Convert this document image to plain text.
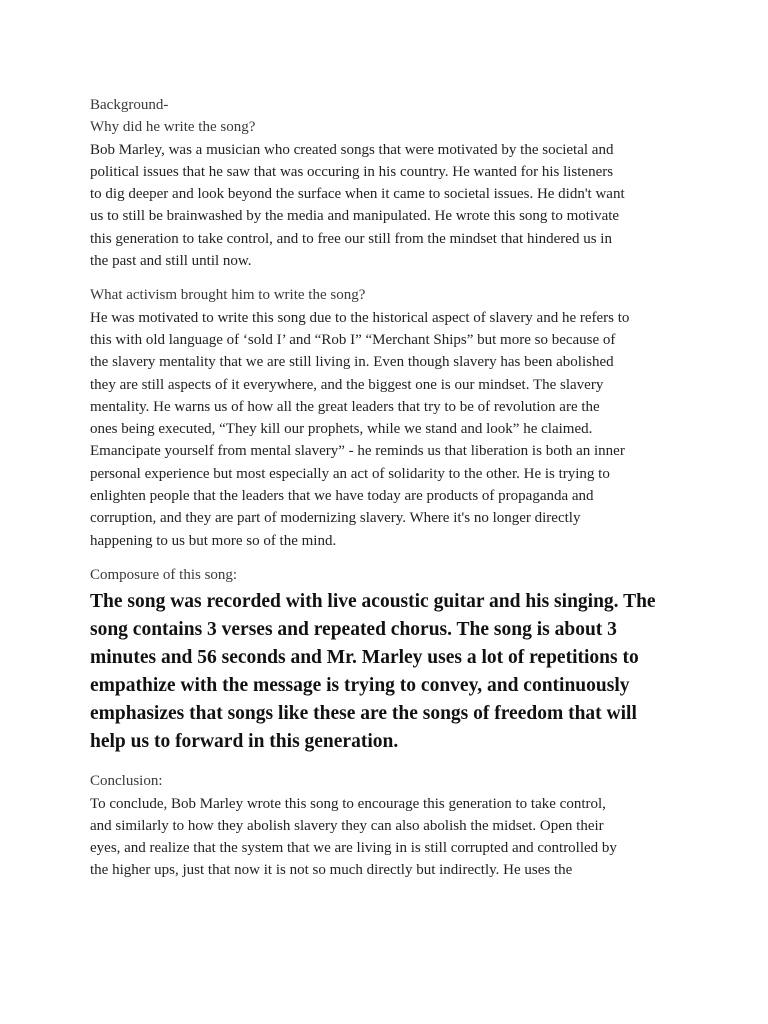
Background-
Why did he write the song?
Bob Marley, was a musician who created songs that were motivated by the societal and
political issues that he saw that was occuring in his country. He wanted for his listeners
to dig deeper and look beyond the surface when it came to societal issues. He didn't want
us to still be brainwashed by the media and manipulated. He wrote this song to motivate
this generation to take control, and to free our still from the mindset that hindered us in
the past and still until now.
What activism brought him to write the song?
He was motivated to write this song due to the historical aspect of slavery and he refers to
this with old language of ‘sold I’ and “Rob I” “Merchant Ships” but more so because of
the slavery mentality that we are still living in. Even though slavery has been abolished
they are still aspects of it everywhere, and the biggest one is our mindset. The slavery
mentality. He warns us of how all the great leaders that try to be of revolution are the
ones being executed, “They kill our prophets, while we stand and look” he claimed.
Emancipate yourself from mental slavery” - he reminds us that liberation is both an inner
personal experience but most especially an act of solidarity to the other. He is trying to
enlighten people that the leaders that we have today are products of propaganda and
corruption, and they are part of modernizing slavery. Where it's no longer directly
happening to us but more so of the mind.
Composure of this song:
The song was recorded with live acoustic guitar and his singing. The
song contains 3 verses and repeated chorus. The song is about 3
minutes and 56 seconds and Mr. Marley uses a lot of repetitions to
empathize with the message is trying to convey, and continuously
emphasizes that songs like these are the songs of freedom that will
help us to forward in this generation.
Conclusion:
To conclude, Bob Marley wrote this song to encourage this generation to take control,
and similarly to how they abolish slavery they can also abolish the midset. Open their
eyes, and realize that the system that we are living in is still corrupted and controlled by
the higher ups, just that now it is not so much directly but indirectly. He uses the
